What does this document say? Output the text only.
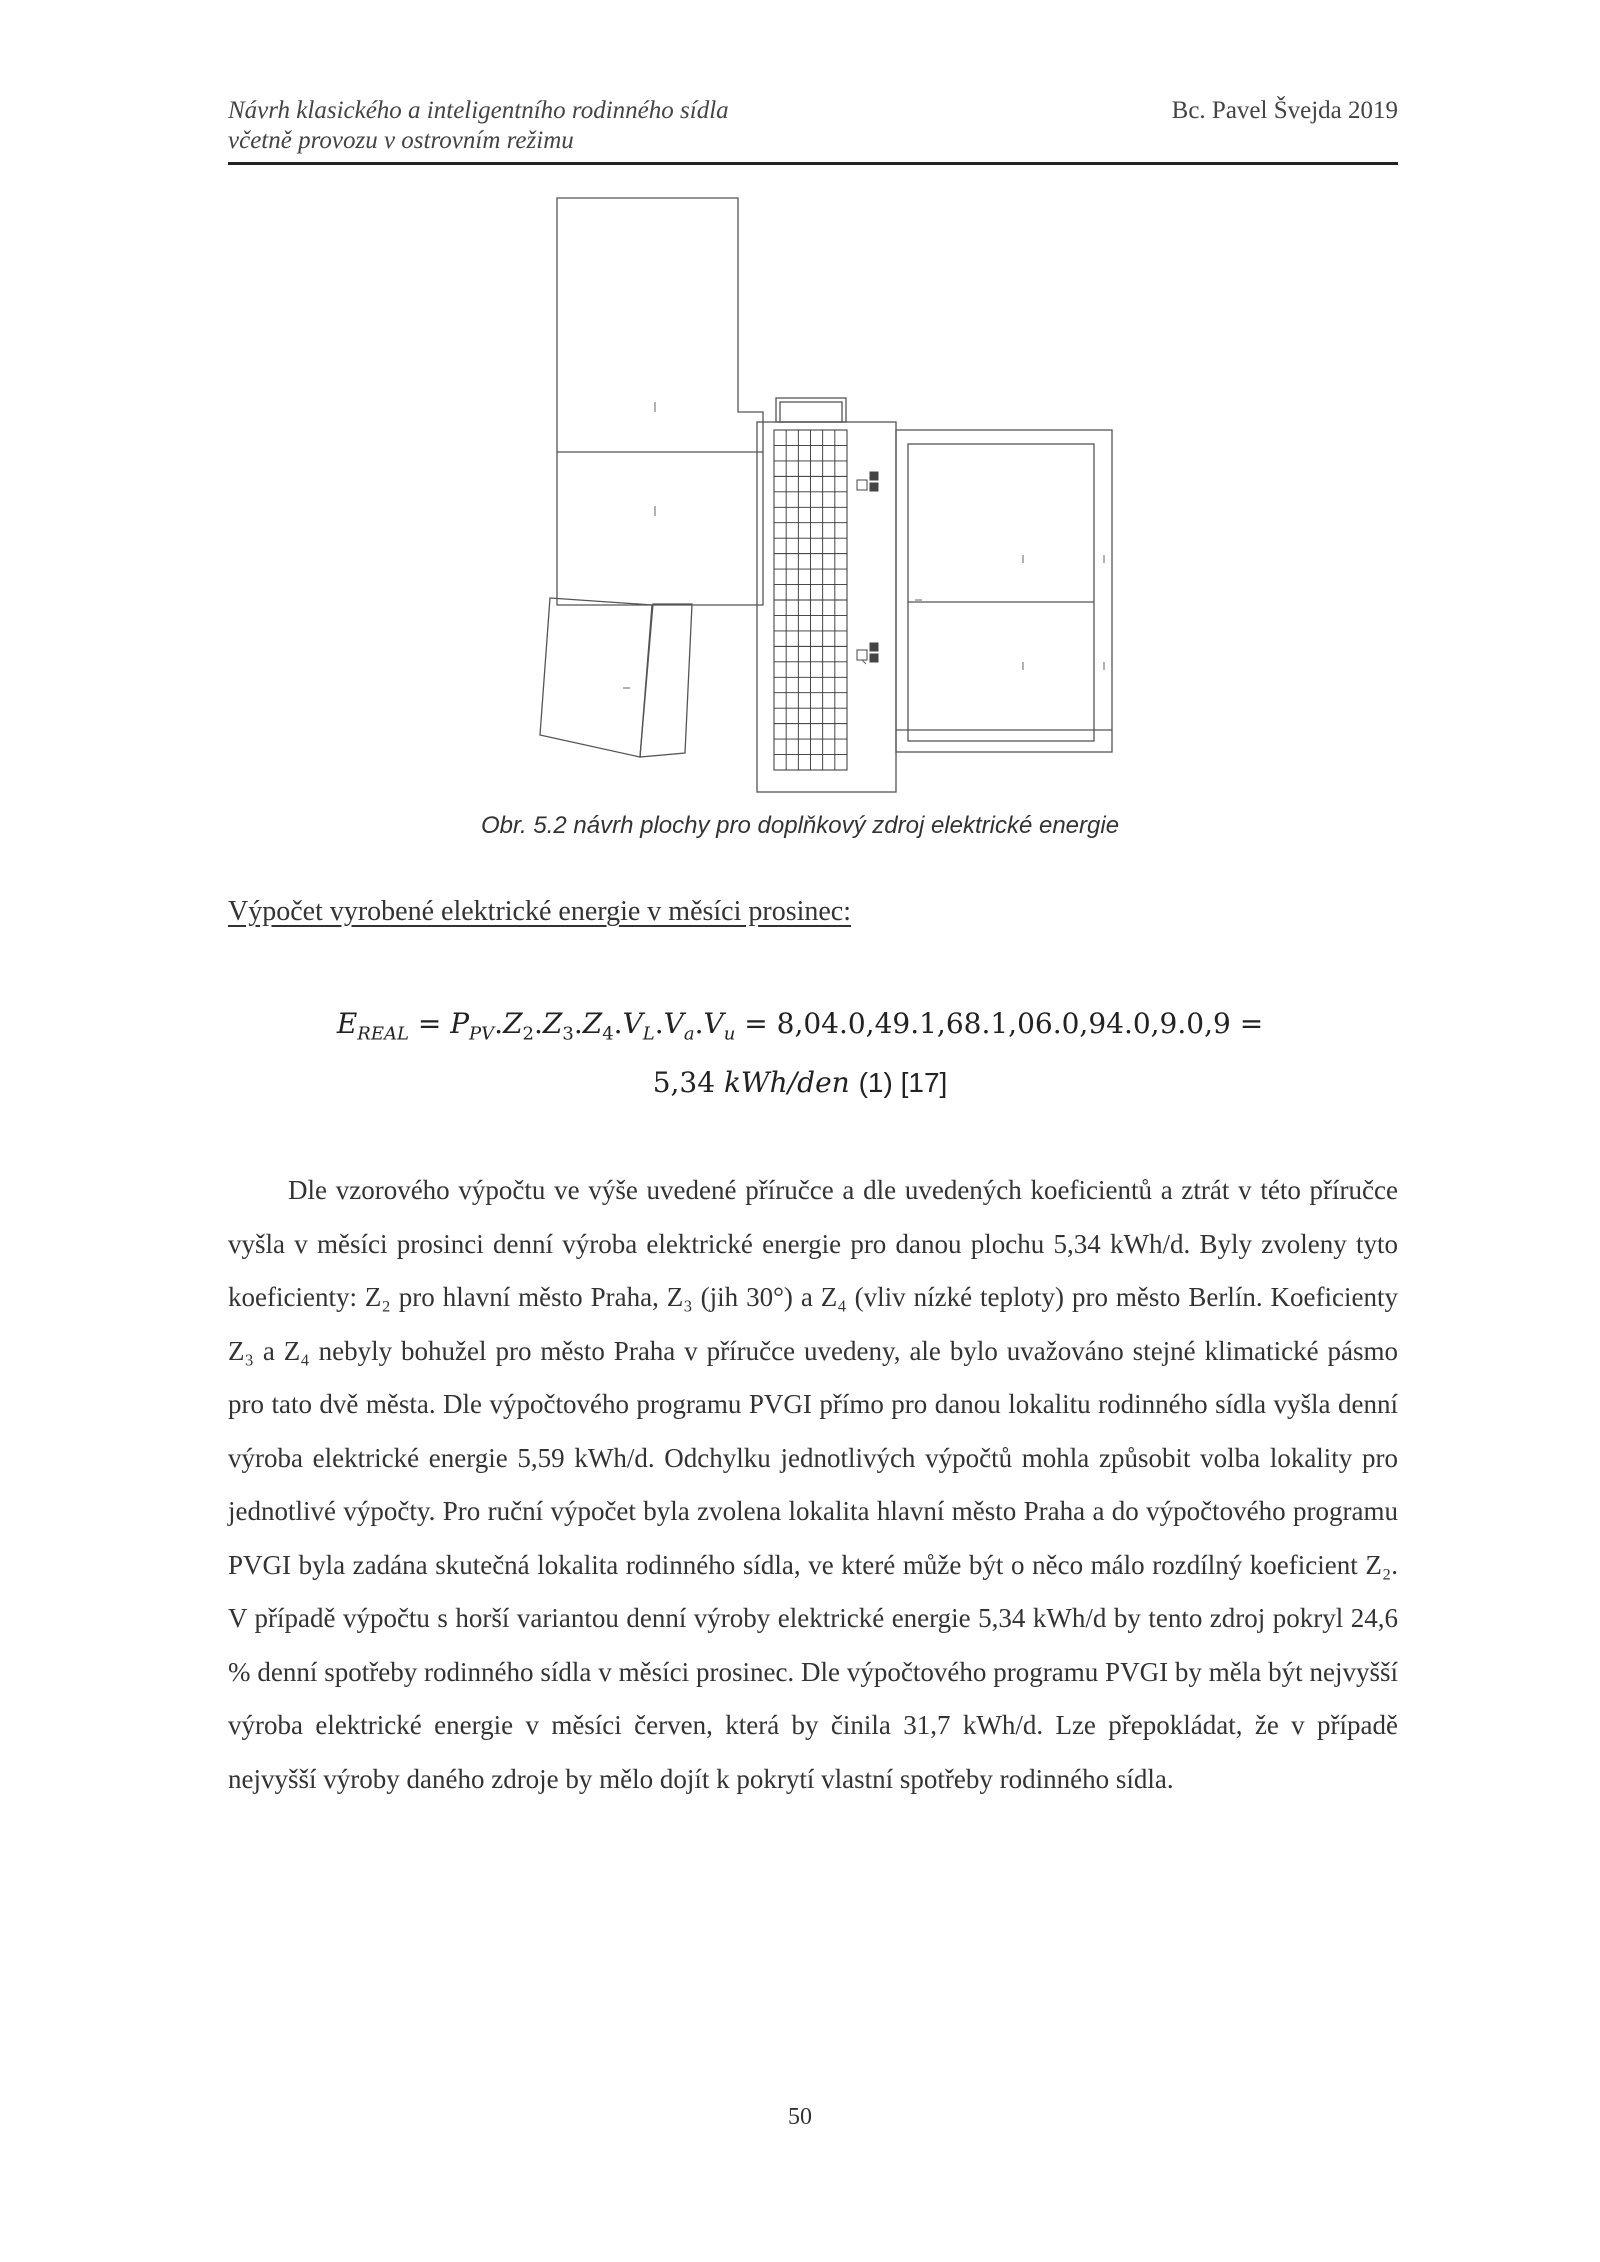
Návrh klasického a inteligentního rodinného sídla
včetně provozu v ostrovním režimu
Bc. Pavel Švejda 2019
Obr. 5.2 návrh plochy pro doplňkový zdroj elektrické energie
Výpočet vyrobené elektrické energie v měsíci prosinec:
$E_{REAL} = P_{PV}.Z_2.Z_3.Z_4.V_L.V_a.V_u = 8,04.0,49.1,68.1,06.0,94.0,9.0,9$ =
5,34 kWh/den (1) [17]

Dle vzorového výpočtu ve výše uvedené příručce a dle uvedených koeficientů a ztrát v této příručce vyšla v měsíci prosinci denní výroba elektrické energie pro danou plochu 5,34 kWh/d. Byly zvoleny tyto koeficienty: Z₂ pro hlavní město Praha, Z₃ (jih 30°) a Z₄ (vliv nízké teploty) pro město Berlín. Koeficienty Z₃ a Z₄ nebyly bohužel pro město Praha v příručce uvedeny, ale bylo uvažováno stejné klimatické pásmo pro tato dvě města. Dle výpočtového programu PVGI přímo pro danou lokalitu rodinného sídla vyšla denní výroba elektrické energie 5,59 kWh/d. Odchylku jednotlivých výpočtů mohla způsobit volba lokality pro jednotlivé výpočty. Pro ruční výpočet byla zvolena lokalita hlavní město Praha a do výpočtového programu PVGI byla zadána skutečná lokalita rodinného sídla, ve které může být o něco málo rozdílný koeficient Z₂. V případě výpočtu s horší variantou denní výroby elektrické energie 5,34 kWh/d by tento zdroj pokryl 24,6 % denní spotřeby rodinného sídla v měsíci prosinec. Dle výpočtového programu PVGI by měla být nejvyšší výroba elektrické energie v měsíci červen, která by činila 31,7 kWh/d. Lze přepokládat, že v případě nejvyšší výroby daného zdroje by mělo dojít k pokrytí vlastní spotřeby rodinného sídla.

50
